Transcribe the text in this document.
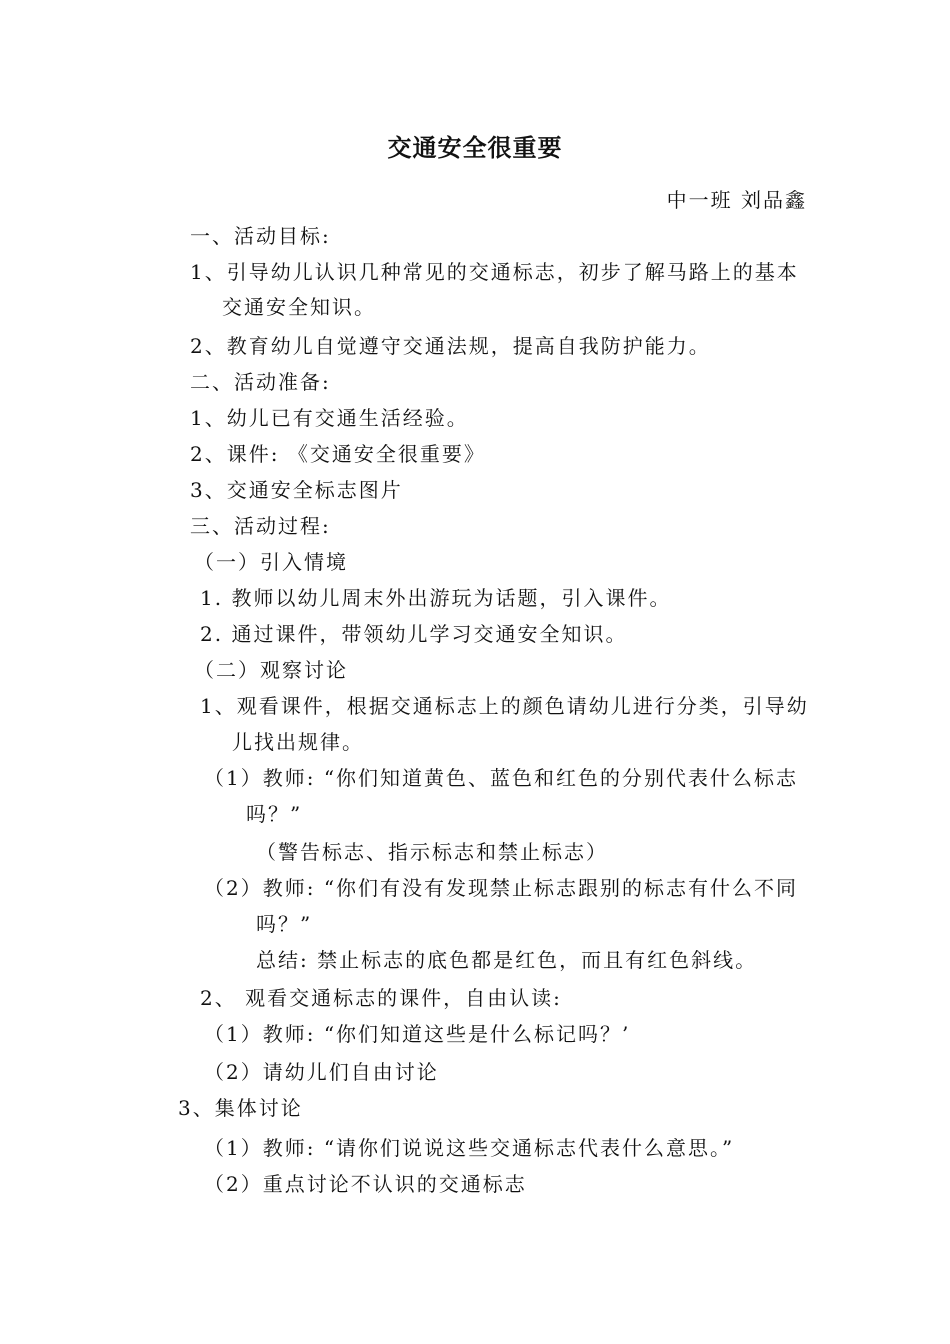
交通安全很重要
中一班 刘品鑫
一、活动目标:
1、引导幼儿认识几种常见的交通标志，初步了解马路上的基本
交通安全知识。
2、教育幼儿自觉遵守交通法规，提高自我防护能力。
二、活动准备:
1、幼儿已有交通生活经验。
2、课件: 《交通安全很重要》
3、交通安全标志图片
三、活动过程:
（一）引入情境
1. 教师以幼儿周末外出游玩为话题，引入课件。
2. 通过课件，带领幼儿学习交通安全知识。
（二）观察讨论
1、观看课件，根据交通标志上的颜色请幼儿进行分类，引导幼
儿找出规律。
（1）教师: “你们知道黄色、蓝色和红色的分别代表什么标志
吗？”
（警告标志、指示标志和禁止标志）
（2）教师: “你们有没有发现禁止标志跟别的标志有什么不同
吗？”
总结: 禁止标志的底色都是红色，而且有红色斜线。
2、 观看交通标志的课件，自由认读:
（1）教师: “你们知道这些是什么标记吗？’
（2）请幼儿们自由讨论
3、集体讨论
（1）教师: “请你们说说这些交通标志代表什么意思。”
（2）重点讨论不认识的交通标志
